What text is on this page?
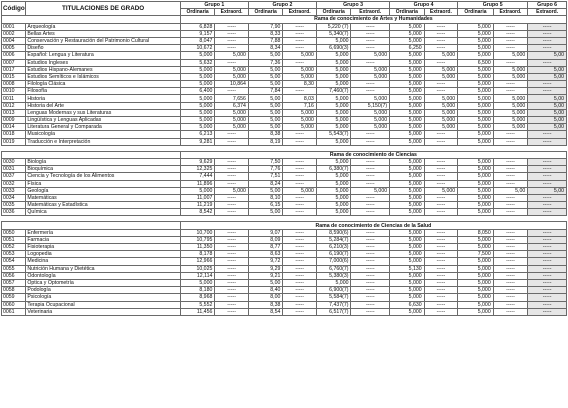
Código	TITULACIONES DE GRADO	Grupo 1		Grupo 2		Grupo 3		Grupo 4		Grupo 5		Grupo 6
		Ordinaria	Extraord.	Ordinaria	Extraord.	Ordinaria	Extraord.	Ordinaria	Extraord.	Ordinaria	Extraord.	Extraord.
		Rama de conocimiento de Artes y Humanidades										
0001	Arqueología	6,828	-----	7,90	-----	5,220 (7)	-----	5,000	-----	5,000	-----	-----
0002	Bellas Artes	9,157	-----	8,33	-----	5,340(7)	-----	5,000	-----	5,000	-----	-----
0004	Conservación y Restauración del Patrimonio Cultural	8,047	-----	7,88	-----	5,000	-----	5,000	-----	5,000	-----	-----
0005	Diseño	10,672	-----	8,34	-----	6,690(3)	-----	6,250	-----	5,000	-----	-----
0006	Español: Lengua y Literatura	5,000	5,000	5,00	5,000	5,000	5,000	5,000	5,000	5,000	5,000	5,00
0007	Estudios Ingleses	5,632	-----	7,36	-----	5,000	-----	5,000	-----	6,500	-----	-----
0017	Estudios Hispano-Alemanes	5,000	5,000	5,00	5,000	5,000	5,000	5,000	5,000	5,000	5,000	5,00
0015	Estudios Semíticos e Islámicos	5,000	5,000	5,00	5,000	5,000	5,000	5,000	5,000	5,000	5,000	5,00
0008	Filología Clásica	5,000	10,864	5,00	8,30	5,000	-----	5,000	-----	5,000	-----	-----
0010	Filosofía	6,400	-----	7,84	-----	7,460(7)	-----	5,000	-----	5,000	-----	-----
0011	Historia	5,000	7,656	5,00	8,03	5,000	5,000	5,000	5,000	5,000	5,000	5,00
0012	Historia del Arte	5,000	6,374	5,00	7,16	5,000	5,150(7)	5,000	5,000	5,000	5,000	5,00
0013	Lenguas Modernas y sus Literaturas	5,000	5,000	5,00	5,000	5,000	5,000	5,000	5,000	5,000	5,000	5,00
0009	Lingüística y Lenguas Aplicadas	5,000	5,000	5,00	5,000	5,000	5,000	5,000	5,000	5,000	5,000	5,00
0014	Literatura General y Comparada	5,000	5,000	5,00	5,000	5,000	5,000	5,000	5,000	5,000	5,000	5,00
0018	Musicología	6,213	-----	8,38	-----	5,543(7)	-----	5,000	-----	5,000	-----	-----
0019	Traducción e Interpretación	9,281	-----	8,19	-----	5,000	-----	5,000	-----	5,000	-----	-----

		Rama de conocimiento de Ciencias										
0030	Biología	9,629	-----	7,50	-----	5,000	-----	5,000	-----	5,000	-----	-----
0031	Bioquímica	12,325	-----	7,76	-----	6,380(7)	-----	5,000	-----	5,000	-----	-----
0037	Ciencia y Tecnología de los Alimentos	7,444	-----	7,51	-----	5,000	-----	5,000	-----	5,000	-----	-----
0032	Física	11,896	-----	8,24	-----	5,000	-----	5,000	-----	5,000	-----	-----
0033	Geología	5,000	5,000	5,00	5,000	5,000	5,000	5,000	5,000	5,000	5,00	5,00
0034	Matemáticas	11,007	-----	8,10	-----	5,000	-----	5,000	-----	5,000	-----	-----
0035	Matemáticas y Estadística	11,219	-----	6,15	-----	5,000	-----	5,000	-----	5,000	-----	-----
0036	Química	8,542	-----	5,00	-----	5,000	-----	5,000	-----	5,000	-----	-----

		Rama de conocimiento de Ciencias de la Salud										
0050	Enfermería	10,700	-----	9,07	-----	8,590(6)	-----	5,000	-----	8,050	-----	-----
0051	Farmacia	10,795	-----	8,09	-----	5,284(7)	-----	5,000	-----	5,000	-----	-----
0052	Fisioterapia	11,350	-----	8,77	-----	6,210(3)	-----	5,000	-----	5,000	-----	-----
0053	Logopedia	8,178	-----	8,63	-----	6,190(7)	-----	5,000	-----	7,500	-----	-----
0054	Medicina	12,966	-----	9,72	-----	7,000(6)	-----	5,000	-----	5,000	-----	-----
0055	Nutrición Humana y Dietética	10,025	-----	9,29	-----	6,760(7)	-----	5,130	-----	5,000	-----	-----
0056	Odontología	12,114	-----	9,21	-----	5,380(3)	-----	5,000	-----	5,000	-----	-----
0057	Óptica y Optometría	5,000	-----	5,00	-----	5,000	-----	5,000	-----	5,000	-----	-----
0058	Podología	8,180	-----	8,40	-----	6,900(7)	-----	5,000	-----	5,000	-----	-----
0059	Psicología	8,968	-----	8,00	-----	5,584(7)	-----	5,000	-----	5,000	-----	-----
0060	Terapia Ocupacional	5,552	-----	8,38	-----	7,437(7)	-----	6,630	-----	5,000	-----	-----
0061	Veterinaria	11,456	-----	8,54	-----	6,517(7)	-----	5,000	-----	5,000	-----	-----
